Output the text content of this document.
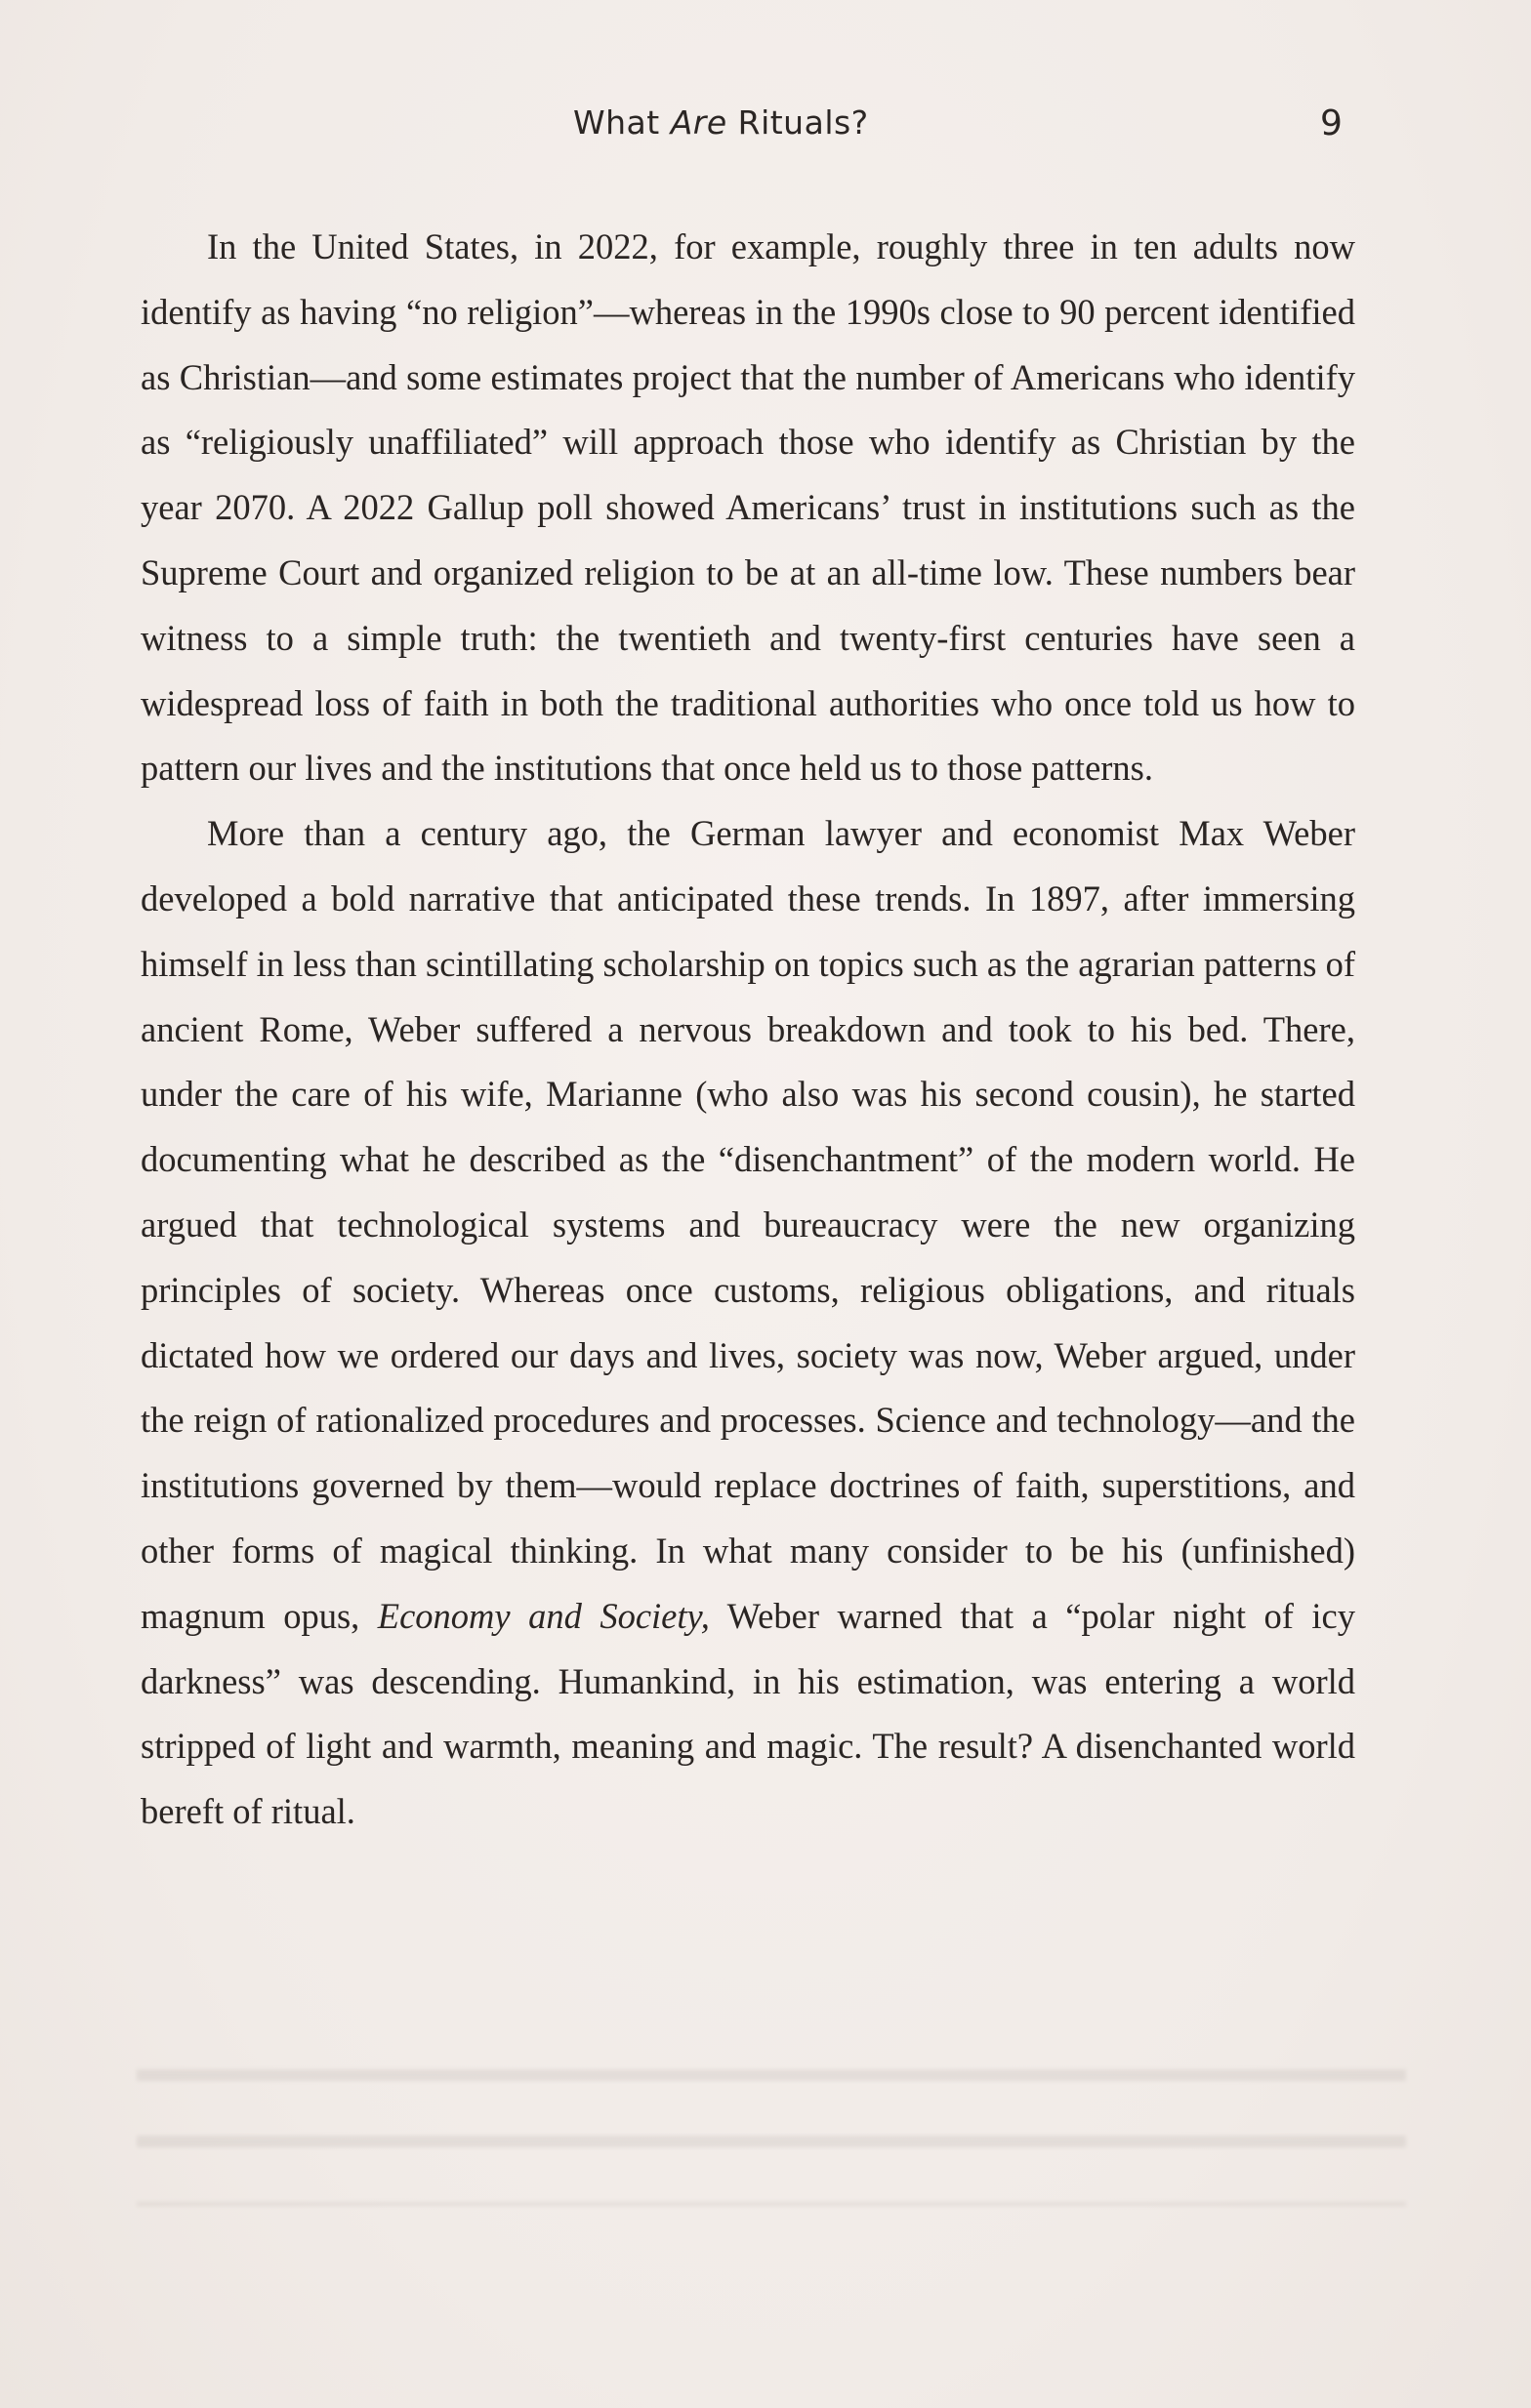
What Are Rituals?	9

In the United States, in 2022, for example, roughly three in ten adults now identify as having “no religion”—whereas in the 1990s close to 90 percent identified as Christian—and some estimates project that the number of Americans who identify as “religiously unaffiliated” will approach those who identify as Christian by the year 2070. A 2022 Gallup poll showed Americans’ trust in institutions such as the Supreme Court and organized religion to be at an all-time low. These numbers bear witness to a simple truth: the twentieth and twenty-first centuries have seen a widespread loss of faith in both the traditional authorities who once told us how to pattern our lives and the institutions that once held us to those patterns.

More than a century ago, the German lawyer and economist Max Weber developed a bold narrative that anticipated these trends. In 1897, after immersing himself in less than scintillating scholarship on topics such as the agrarian patterns of ancient Rome, Weber suffered a nervous breakdown and took to his bed. There, under the care of his wife, Marianne (who also was his second cousin), he started documenting what he described as the “disenchantment” of the modern world. He argued that technological systems and bureaucracy were the new organizing principles of society. Whereas once customs, religious obligations, and rituals dictated how we ordered our days and lives, society was now, Weber argued, under the reign of rationalized procedures and processes. Science and technology—and the institutions governed by them—would replace doctrines of faith, superstitions, and other forms of magical thinking. In what many consider to be his (unfinished) magnum opus, Economy and Society, Weber warned that a “polar night of icy darkness” was descending. Humankind, in his estimation, was entering a world stripped of light and warmth, meaning and magic. The result? A disenchanted world bereft of ritual.
